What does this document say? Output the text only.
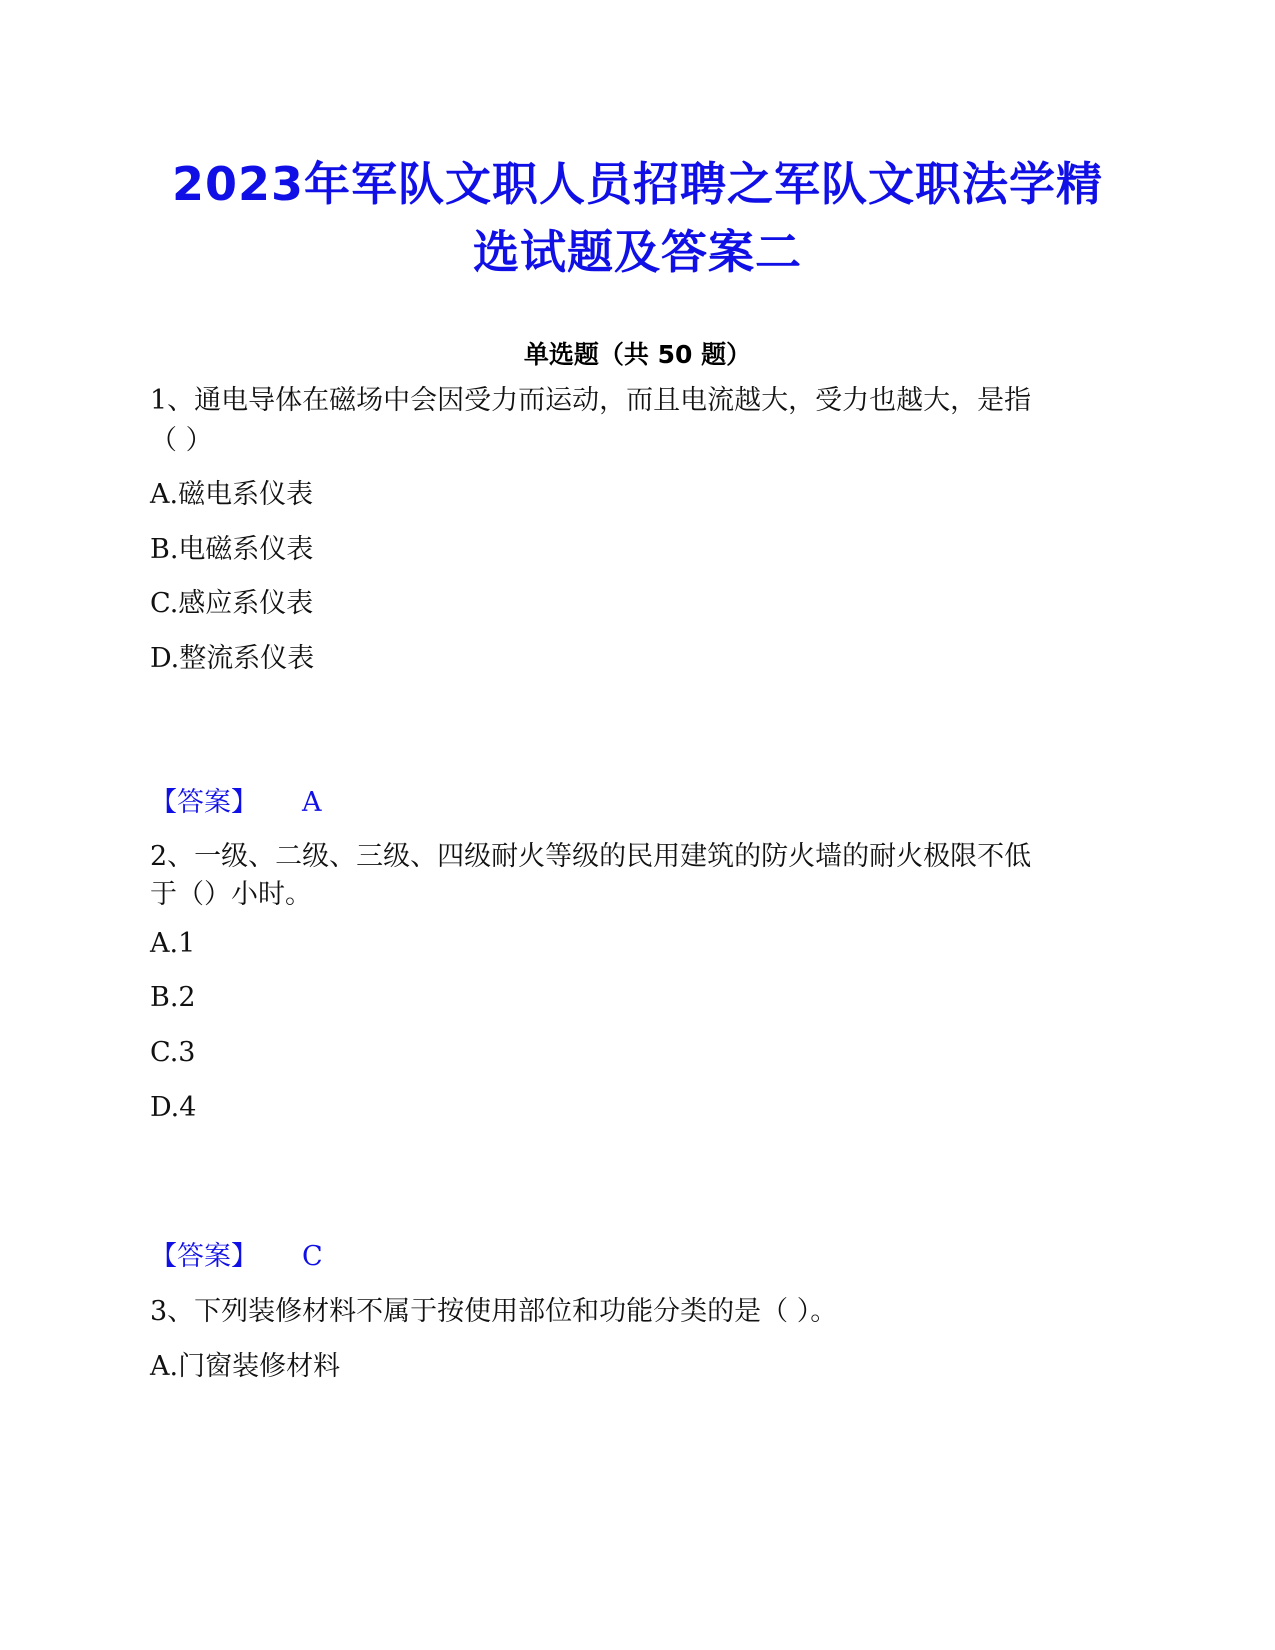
2023年军队文职人员招聘之军队文职法学精
选试题及答案二
单选题（共 50 题）
1、通电导体在磁场中会因受力而运动，而且电流越大，受力也越大，是指
（ ）
A.磁电系仪表
B.电磁系仪表
C.感应系仪表
D.整流系仪表
【答案】 A
2、一级、二级、三级、四级耐火等级的民用建筑的防火墙的耐火极限不低
于（）小时。
A.1
B.2
C.3
D.4
【答案】 C
3、下列装修材料不属于按使用部位和功能分类的是（ ）。
A.门窗装修材料
